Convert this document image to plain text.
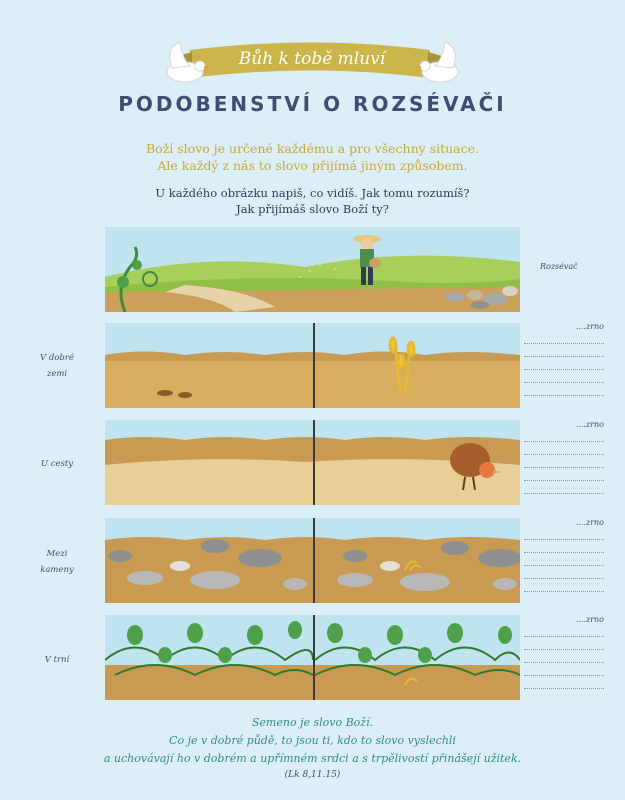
Bůh k tobě mluví
PODOBENSTVÍ O ROZSÉVAČI
Boží slovo je určené každému a pro všechny situace.
Ale každý z nás to slovo přijímá jiným způsobem.
U každého obrázku napiš, co vidíš. Jak tomu rozumíš?
Jak přijímáš slovo Boží ty?
Rozsévač
V dobré
zemi
....zrno
U cesty
....zrno
Mezi
kameny
....zrno
V trní
....zrno
Semeno je slovo Boží.
Co je v dobré půdě, to jsou ti, kdo to slovo vyslechli
a uchovávají ho v dobrém a upřímném srdci a s trpělivostí přinášejí užitek.
(Lk 8,11.15)
